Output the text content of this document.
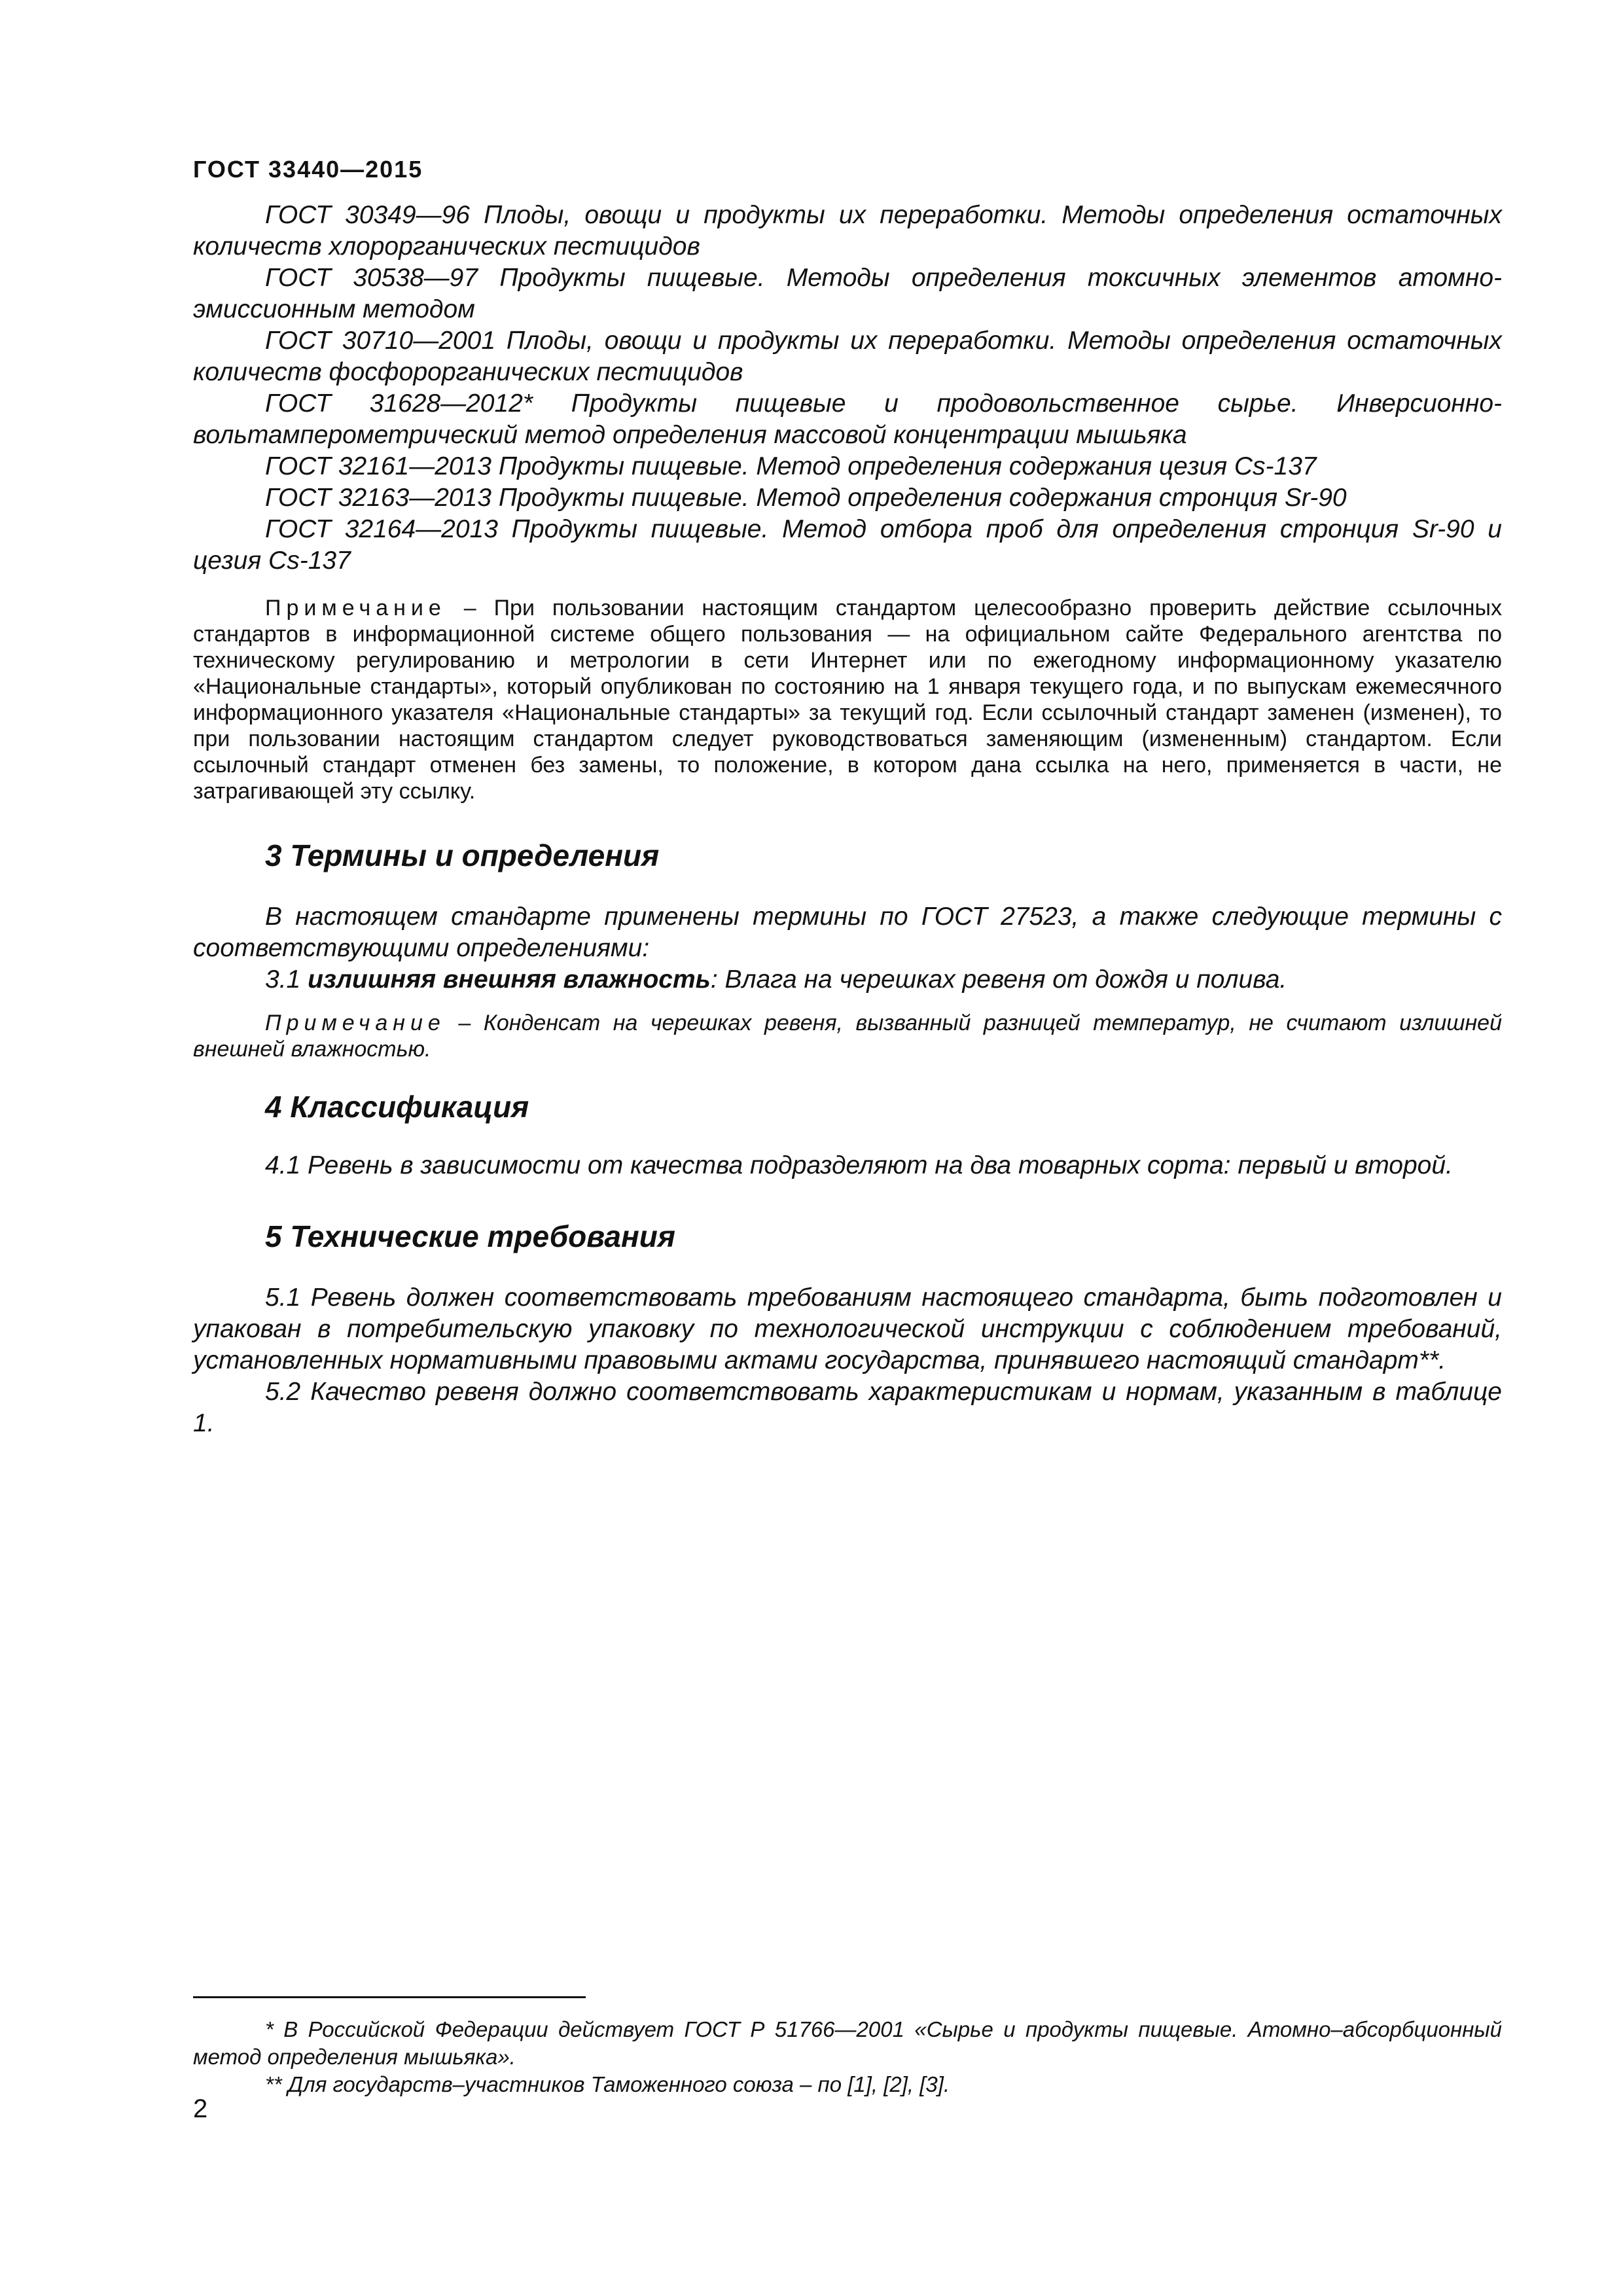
ГОСТ 33440—2015

ГОСТ 30349—96 Плоды, овощи и продукты их переработки. Методы определения остаточных количеств хлорорганических пестицидов

ГОСТ 30538—97 Продукты пищевые. Методы определения токсичных элементов атомно-эмиссионным методом

ГОСТ 30710—2001 Плоды, овощи и продукты их переработки. Методы определения остаточных количеств фосфорорганических пестицидов

ГОСТ 31628—2012* Продукты пищевые и продовольственное сырье. Инверсионно-вольтамперометрический метод определения массовой концентрации мышьяка

ГОСТ 32161—2013 Продукты пищевые. Метод определения содержания цезия Cs-137

ГОСТ 32163—2013 Продукты пищевые. Метод определения содержания стронция Sr-90

ГОСТ 32164—2013 Продукты пищевые. Метод отбора проб для определения стронция Sr-90 и цезия Cs-137

Примечание – При пользовании настоящим стандартом целесообразно проверить действие ссылочных стандартов в информационной системе общего пользования — на официальном сайте Федерального агентства по техническому регулированию и метрологии в сети Интернет или по ежегодному информационному указателю «Национальные стандарты», который опубликован по состоянию на 1 января текущего года, и по выпускам ежемесячного информационного указателя «Национальные стандарты» за текущий год. Если ссылочный стандарт заменен (изменен), то при пользовании настоящим стандартом следует руководствоваться заменяющим (измененным) стандартом. Если ссылочный стандарт отменен без замены, то положение, в котором дана ссылка на него, применяется в части, не затрагивающей эту ссылку.

3 Термины и определения

В настоящем стандарте применены термины по ГОСТ 27523, а также следующие термины с соответствующими определениями:

3.1 излишняя внешняя влажность: Влага на черешках ревеня от дождя и полива.

Примечание – Конденсат на черешках ревеня, вызванный разницей температур, не считают излишней внешней влажностью.

4 Классификация

4.1 Ревень в зависимости от качества подразделяют на два товарных сорта: первый и второй.

5 Технические требования

5.1 Ревень должен соответствовать требованиям настоящего стандарта, быть подготовлен и упакован в потребительскую упаковку по технологической инструкции с соблюдением требований, установленных нормативными правовыми актами государства, принявшего настоящий стандарт**.

5.2 Качество ревеня должно соответствовать характеристикам и нормам, указанным в таблице 1.

* В Российской Федерации действует ГОСТ Р 51766—2001 «Сырье и продукты пищевые. Атомно–абсорбционный метод определения мышьяка».

** Для государств–участников Таможенного союза – по [1], [2], [3].

2
